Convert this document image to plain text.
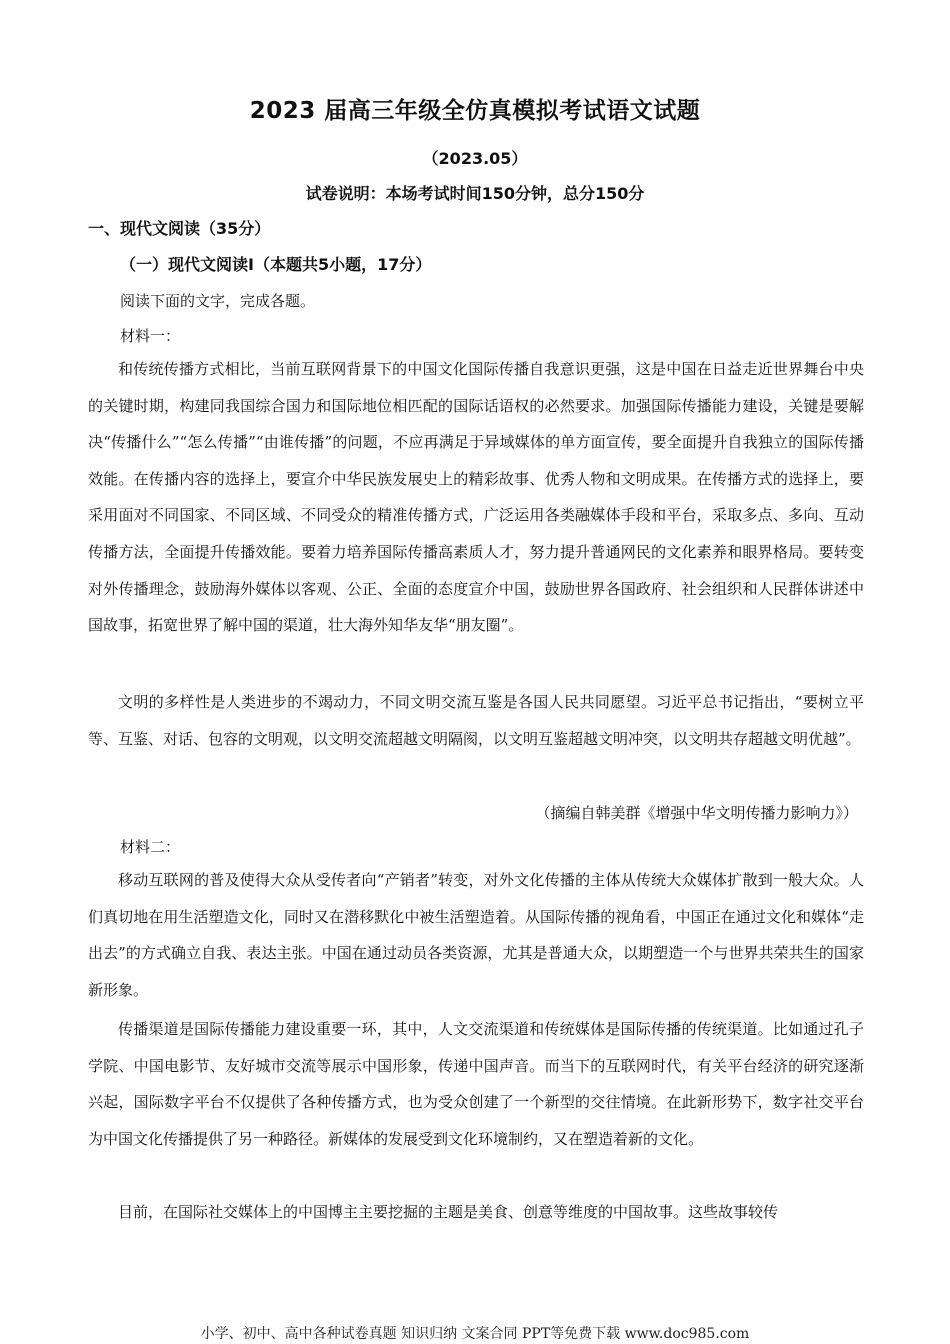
2023 届高三年级全仿真模拟考试语文试题
（2023.05）
试卷说明：本场考试时间150分钟，总分150分
一、现代文阅读（35分）
（一）现代文阅读Ⅰ（本题共5小题，17分）
阅读下面的文字，完成各题。
材料一：
和传统传播方式相比，当前互联网背景下的中国文化国际传播自我意识更强，这是中国在日益走近世界舞台中央的关键时期，构建同我国综合国力和国际地位相匹配的国际话语权的必然要求。加强国际传播能力建设，关键是要解决“传播什么”“怎么传播”“由谁传播”的问题，不应再满足于异域媒体的单方面宣传，要全面提升自我独立的国际传播效能。在传播内容的选择上，要宣介中华民族发展史上的精彩故事、优秀人物和文明成果。在传播方式的选择上，要采用面对不同国家、不同区域、不同受众的精准传播方式，广泛运用各类融媒体手段和平台，采取多点、多向、互动传播方法，全面提升传播效能。要着力培养国际传播高素质人才，努力提升普通网民的文化素养和眼界格局。要转变对外传播理念，鼓励海外媒体以客观、公正、全面的态度宣介中国，鼓励世界各国政府、社会组织和人民群体讲述中国故事，拓宽世界了解中国的渠道，壮大海外知华友华“朋友圈”。
文明的多样性是人类进步的不竭动力，不同文明交流互鉴是各国人民共同愿望。习近平总书记指出，“要树立平等、互鉴、对话、包容的文明观，以文明交流超越文明隔阂，以文明互鉴超越文明冲突，以文明共存超越文明优越”。
（摘编自韩美群《增强中华文明传播力影响力》）
材料二：
移动互联网的普及使得大众从受传者向“产销者”转变，对外文化传播的主体从传统大众媒体扩散到一般大众。人们真切地在用生活塑造文化，同时又在潜移默化中被生活塑造着。从国际传播的视角看，中国正在通过文化和媒体“走出去”的方式确立自我、表达主张。中国在通过动员各类资源，尤其是普通大众，以期塑造一个与世界共荣共生的国家新形象。
传播渠道是国际传播能力建设重要一环，其中，人文交流渠道和传统媒体是国际传播的传统渠道。比如通过孔子学院、中国电影节、友好城市交流等展示中国形象，传递中国声音。而当下的互联网时代，有关平台经济的研究逐渐兴起，国际数字平台不仅提供了各种传播方式，也为受众创建了一个新型的交往情境。在此新形势下，数字社交平台为中国文化传播提供了另一种路径。新媒体的发展受到文化环境制约，又在塑造着新的文化。
目前，在国际社交媒体上的中国博主主要挖掘的主题是美食、创意等维度的中国故事。这些故事较传
小学、初中、高中各种试卷真题 知识归纳 文案合同 PPT等免费下载 www.doc985.com
